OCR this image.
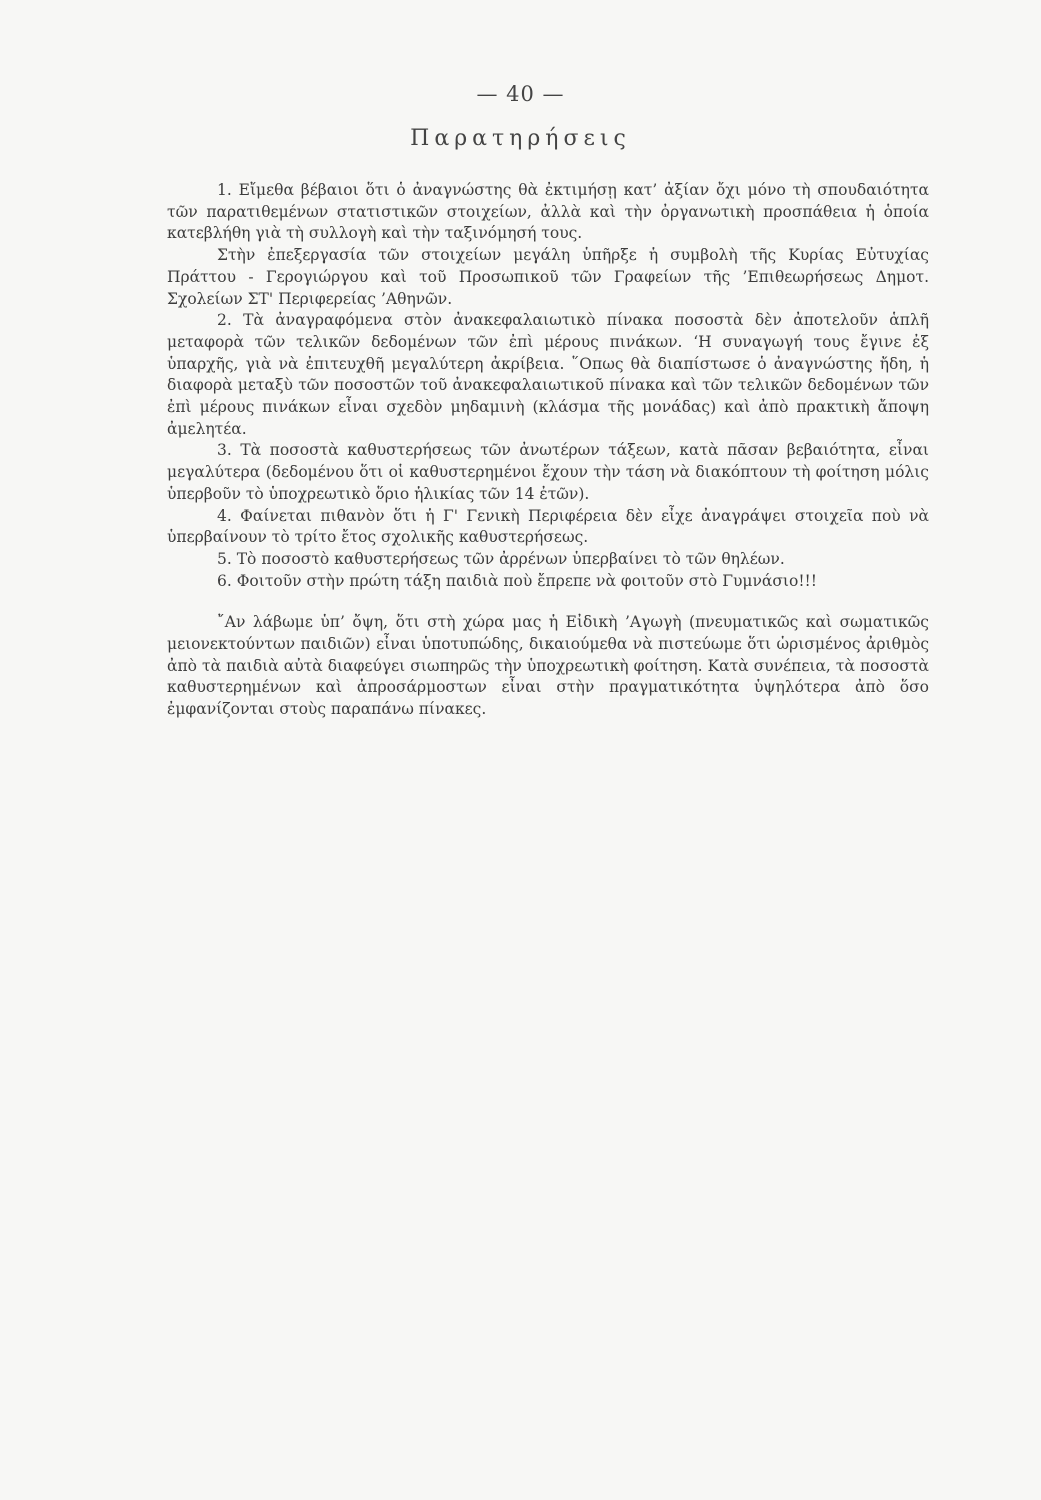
— 40 —
Παρατηρήσεις

1. Εἴμεθα βέβαιοι ὅτι ὁ ἀναγνώστης θὰ ἐκτιμήσῃ κατ’ ἀξίαν ὄχι μόνο τὴ σπουδαιότητα τῶν παρατιθεμένων στατιστικῶν στοιχείων, ἀλλὰ καὶ τὴν ὀργανωτικὴ προσπάθεια ἡ ὁποία κατεβλήθη γιὰ τὴ συλλογὴ καὶ τὴν ταξινόμησή τους.

Στὴν ἐπεξεργασία τῶν στοιχείων μεγάλη ὑπῆρξε ἡ συμβολὴ τῆς Κυρίας Εὐτυχίας Πράττου - Γερογιώργου καὶ τοῦ Προσωπικοῦ τῶν Γραφείων τῆς ’Επιθεωρήσεως Δημοτ. Σχολείων ΣΤ' Περιφερείας ’Αθηνῶν.

2. Τὰ ἀναγραφόμενα στὸν ἀνακεφαλαιωτικὸ πίνακα ποσοστὰ δὲν ἀποτελοῦν ἁπλῆ μεταφορὰ τῶν τελικῶν δεδομένων τῶν ἐπὶ μέρους πινάκων. ‘Η συναγωγή τους ἔγινε ἐξ ὑπαρχῆς, γιὰ νὰ ἐπιτευχθῆ μεγαλύτερη ἀκρίβεια. ῞Οπως θὰ διαπίστωσε ὁ ἀναγνώστης ἤδη, ἡ διαφορὰ μεταξὺ τῶν ποσοστῶν τοῦ ἀνακεφαλαιωτικοῦ πίνακα καὶ τῶν τελικῶν δεδομένων τῶν ἐπὶ μέρους πινάκων εἶναι σχεδὸν μηδαμινὴ (κλάσμα τῆς μονάδας) καὶ ἀπὸ πρακτικὴ ἄποψη ἀμελητέα.

3. Τὰ ποσοστὰ καθυστερήσεως τῶν ἀνωτέρων τάξεων, κατὰ πᾶσαν βεβαιότητα, εἶναι μεγαλύτερα (δεδομένου ὅτι οἱ καθυστερημένοι ἔχουν τὴν τάση νὰ διακόπτουν τὴ φοίτηση μόλις ὑπερβοῦν τὸ ὑποχρεωτικὸ ὅριο ἡλικίας τῶν 14 ἐτῶν).

4. Φαίνεται πιθανὸν ὅτι ἡ Γ' Γενικὴ Περιφέρεια δὲν εἶχε ἀναγράψει στοιχεῖα ποὺ νὰ ὑπερβαίνουν τὸ τρίτο ἔτος σχολικῆς καθυστερήσεως.

5. Τὸ ποσοστὸ καθυστερήσεως τῶν ἀρρένων ὑπερβαίνει τὸ τῶν θηλέων.

6. Φοιτοῦν στὴν πρώτη τάξη παιδιὰ ποὺ ἔπρεπε νὰ φοιτοῦν στὸ Γυμνάσιο!!!

῎Αν λάβωμε ὑπ’ ὄψη, ὅτι στὴ χώρα μας ἡ Εἰδικὴ ’Αγωγὴ (πνευματικῶς καὶ σωματικῶς μειονεκτούντων παιδιῶν) εἶναι ὑποτυπώδης, δικαιούμεθα νὰ πιστεύωμε ὅτι ὡρισμένος ἀριθμὸς ἀπὸ τὰ παιδιὰ αὐτὰ διαφεύγει σιωπηρῶς τὴν ὑποχρεωτικὴ φοίτηση. Κατὰ συνέπεια, τὰ ποσοστὰ καθυστερημένων καὶ ἀπροσάρμοστων εἶναι στὴν πραγματικότητα ὑψηλότερα ἀπὸ ὅσο ἐμφανίζονται στοὺς παραπάνω πίνακες.
